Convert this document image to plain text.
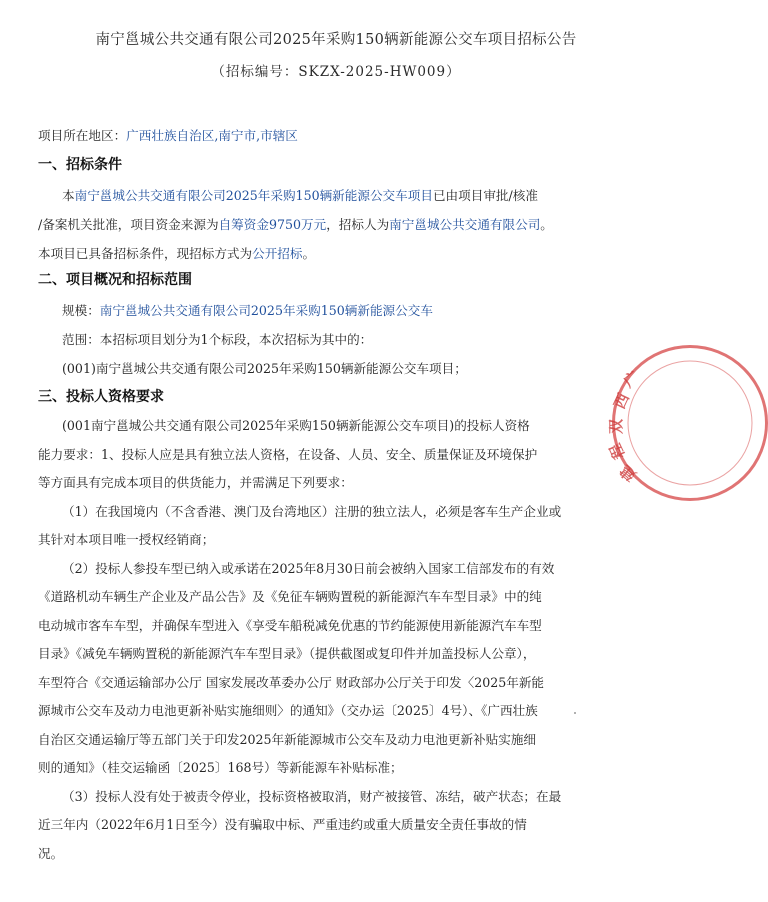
南宁邕城公共交通有限公司2025年采购150辆新能源公交车项目招标公告
（招标编号：SKZX-2025-HW009）
项目所在地区：广西壮族自治区,南宁市,市辖区
一、招标条件
本南宁邕城公共交通有限公司2025年采购150辆新能源公交车项目已由项目审批/核准
/备案机关批准，项目资金来源为自筹资金9750万元，招标人为南宁邕城公共交通有限公司。
本项目已具备招标条件，现招标方式为公开招标。
二、项目概况和招标范围
规模：南宁邕城公共交通有限公司2025年采购150辆新能源公交车
范围：本招标项目划分为1个标段，本次招标为其中的：
(001)南宁邕城公共交通有限公司2025年采购150辆新能源公交车项目；
三、投标人资格要求
(001南宁邕城公共交通有限公司2025年采购150辆新能源公交车项目)的投标人资格
能力要求：1、投标人应是具有独立法人资格，在设备、人员、安全、质量保证及环境保护
等方面具有完成本项目的供货能力，并需满足下列要求：
（1）在我国境内（不含香港、澳门及台湾地区）注册的独立法人，必须是客车生产企业或
其针对本项目唯一授权经销商；
（2）投标人参投车型已纳入或承诺在2025年8月30日前会被纳入国家工信部发布的有效
《道路机动车辆生产企业及产品公告》及《免征车辆购置税的新能源汽车车型目录》中的纯
电动城市客车车型，并确保车型进入《享受车船税减免优惠的节约能源使用新能源汽车车型
目录》《减免车辆购置税的新能源汽车车型目录》（提供截图或复印件并加盖投标人公章），
车型符合《交通运输部办公厅 国家发展改革委办公厅 财政部办公厅关于印发〈2025年新能
源城市公交车及动力电池更新补贴实施细则〉的通知》（交办运〔2025〕4号）、《广西壮族
自治区交通运输厅等五部门关于印发2025年新能源城市公交车及动力电池更新补贴实施细
则的通知》（桂交运输函〔2025〕168号）等新能源车补贴标准；
（3）投标人没有处于被责令停业，投标资格被取消，财产被接管、冻结，破产状态；在最
近三年内（2022年6月1日至今）没有骗取中标、严重违约或重大质量安全责任事故的情
况。
广
西
双
程
建
